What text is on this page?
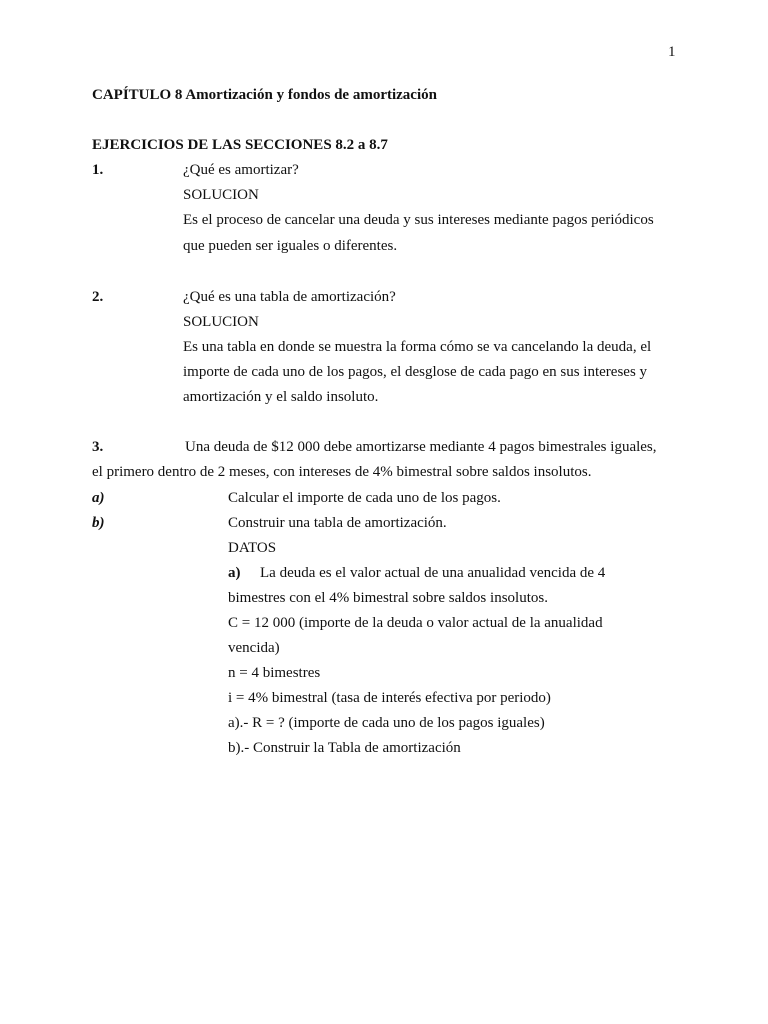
1
CAPÍTULO 8 Amortización y fondos de amortización
EJERCICIOS DE LAS SECCIONES 8.2 a 8.7
1.	¿Qué es amortizar?
SOLUCION
Es el proceso de cancelar una deuda y sus intereses mediante pagos periódicos
que pueden ser iguales o diferentes.
2.	¿Qué es una tabla de amortización?
SOLUCION
Es una tabla en donde se muestra la forma cómo se va cancelando la deuda, el
importe de cada uno de los pagos, el desglose de cada pago en sus intereses y
amortización y el saldo insoluto.
3.	Una deuda de $12 000 debe amortizarse mediante 4 pagos bimestrales iguales,
el primero dentro de 2 meses, con intereses de 4% bimestral sobre saldos insolutos.
a)	Calcular el importe de cada uno de los pagos.
b)	Construir una tabla de amortización.
DATOS
a) La deuda es el valor actual de una anualidad vencida de 4
bimestres con el 4% bimestral sobre saldos insolutos.
C = 12 000 (importe de la deuda o valor actual de la anualidad
vencida)
n = 4 bimestres
i = 4% bimestral (tasa de interés efectiva por periodo)
a).- R = ? (importe de cada uno de los pagos iguales)
b).- Construir la Tabla de amortización
